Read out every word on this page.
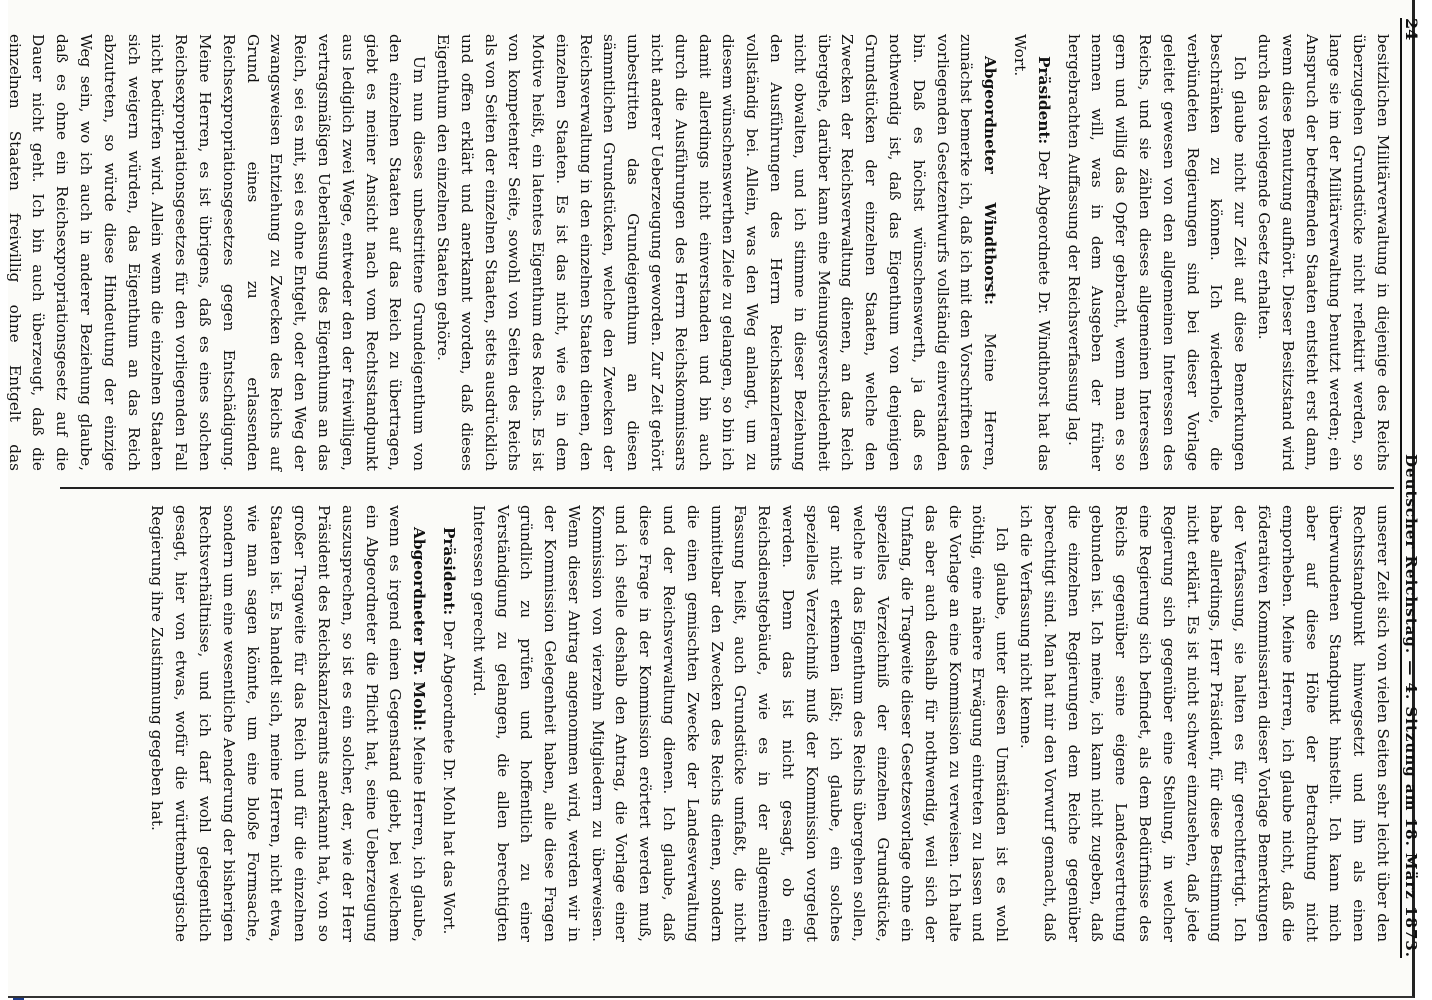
24
Deutscher Reichstag. — 4. Sitzung am 18. März 1873.

besitzlichen Militärverwaltung in diejenige des Reichs überzugehen Grundstücke nicht reflektirt werden, so lange sie im der Militärverwaltung benutzt werden; ein Anspruch der betreffenden Staaten entsteht erst dann, wenn diese Benutzung aufhört. Dieser Besitzstand wird durch das vorliegende Gesetz erhalten.

Ich glaube nicht zur Zeit auf diese Bemerkungen beschränken zu können. Ich wiederhole, die verbündeten Regierungen sind bei dieser Vorlage geleitet gewesen von den allgemeinen Interessen des Reichs, und sie zählen dieses allgemeinen Interessen gern und willig das Opfer gebracht, wenn man es so nennen will, was in dem Ausgeben der früher hergebrachten Auffassung der Reichsverfassung lag.

Präsident: Der Abgeordnete Dr. Windthorst hat das Wort.

Abgeordneter Windthorst: Meine Herren, zunächst bemerke ich, daß ich mit den Vorschriften des vorliegenden Gesetzentwurfs vollständig einverstanden bin. Daß es höchst wünschenswerth, ja daß es nothwendig ist, daß das Eigenthum von denjenigen Grundstücken der einzelnen Staaten, welche den Zwecken der Reichsverwaltung dienen, an das Reich übergehe, darüber kann eine Meinungsverschiedenheit nicht obwalten, und ich stimme in dieser Beziehung den Ausführungen des Herrn Reichskanzleramts vollständig bei. Allein, was den Weg anlangt, um zu diesem wünschenswerthen Ziele zu gelangen, so bin ich damit allerdings nicht einverstanden und bin auch durch die Ausführungen des Herrn Reichskommissars nicht anderer Ueberzeugung geworden. Zur Zeit gehört unbestritten das Grundeigenthum an diesen sämmtlichen Grundstücken, welche den Zwecken der Reichsverwaltung in den einzelnen Staaten dienen, den einzelnen Staaten. Es ist das nicht, wie es in dem Motive heißt, ein latentes Eigenthum des Reichs. Es ist von kompetenter Seite, sowohl von Seiten des Reichs als von Seiten der einzelnen Staaten, stets ausdrücklich und offen erklärt und anerkannt worden, daß dieses Eigenthum den einzelnen Staaten gehöre.

Um nun dieses unbestrittene Grundeigenthum von den einzelnen Staaten auf das Reich zu übertragen, giebt es meiner Ansicht nach vom Rechtsstandpunkt aus lediglich zwei Wege, entweder den der freiwilligen, vertragsmäßigen Ueberlassung des Eigenthums an das Reich, sei es mit, sei es ohne Entgelt, oder den Weg der zwangsweisen Entziehung zu Zwecken des Reichs auf Grund eines zu erlassenden Reichsexpropriationsgesetzes gegen Entschädigung. Meine Herren, es ist übrigens, daß es eines solchen Reichsexpropriationsgesetzes für den vorliegenden Fall nicht bedürfen wird. Allein wenn die einzelnen Staaten sich weigern würden, das Eigenthum an das Reich abzutreten, so würde diese Hindeutung der einzige Weg sein, wo ich auch in anderer Beziehung glaube, daß es ohne ein Reichsexpropriationsgesetz auf die Dauer nicht geht. Ich bin auch überzeugt, daß die einzelnen Staaten freiwillig ohne Entgelt das

unserer Zeit sich von vielen Seiten sehr leicht über den Rechtsstandpunkt hinwegsetzt und ihn als einen überwundenen Standpunkt hinstellt. Ich kann mich aber auf diese Höhe der Betrachtung nicht emporheben. Meine Herren, ich glaube nicht, daß die föderativen Kommissarien dieser Vorlage Bemerkungen der Verfassung, sie halten es für gerechtfertigt. Ich habe allerdings, Herr Präsident, für diese Bestimmung nicht erklärt. Es ist nicht schwer einzusehen, daß jede Regierung sich gegenüber eine Stellung, in welcher eine Regierung sich befindet, als dem Bedürfnisse des Reichs gegenüber seine eigene Landesvertretung gebunden ist. Ich meine, ich kann nicht zugeben, daß die einzelnen Regierungen dem Reiche gegenüber berechtigt sind. Man hat mir den Vorwurf gemacht, daß ich die Verfassung nicht kenne.

Ich glaube, unter diesen Umständen ist es wohl nöthig, eine nähere Erwägung eintreten zu lassen und die Vorlage an eine Kommission zu verweisen. Ich halte das aber auch deshalb für nothwendig, weil sich der Umfang, die Tragweite dieser Gesetzesvorlage ohne ein spezielles Verzeichniß der einzelnen Grundstücke, welche in das Eigenthum des Reichs übergehen sollen, gar nicht erkennen läßt; ich glaube, ein solches spezielles Verzeichniß muß der Kommission vorgelegt werden. Denn das ist nicht gesagt, ob ein Reichsdienstgebäude, wie es in der allgemeinen Fassung heißt, auch Grundstücke umfaßt, die nicht unmittelbar den Zwecken des Reichs dienen, sondern die einen gemischten Zwecke der Landesverwaltung und der Reichsverwaltung dienen. Ich glaube, daß diese Frage in der Kommission erörtert werden muß, und ich stelle deshalb den Antrag, die Vorlage einer Kommission von vierzehn Mitgliedern zu überweisen. Wenn dieser Antrag angenommen wird, werden wir in der Kommission Gelegenheit haben, alle diese Fragen gründlich zu prüfen und hoffentlich zu einer Verständigung zu gelangen, die allen berechtigten Interessen gerecht wird.

Präsident: Der Abgeordnete Dr. Mohl hat das Wort.

Abgeordneter Dr. Mohl: Meine Herren, ich glaube, wenn es irgend einen Gegenstand giebt, bei welchem ein Abgeordneter die Pflicht hat, seine Ueberzeugung auszusprechen, so ist es ein solcher, der, wie der Herr Präsident des Reichskanzleramts anerkannt hat, von so großer Tragweite für das Reich und für die einzelnen Staaten ist. Es handelt sich, meine Herren, nicht etwa, wie man sagen könnte, um eine bloße Formsache, sondern um eine wesentliche Aenderung der bisherigen Rechtsverhältnisse, und ich darf wohl gelegentlich gesagt, hier von etwas, wofür die württembergische Regierung ihre Zustimmung gegeben hat.
